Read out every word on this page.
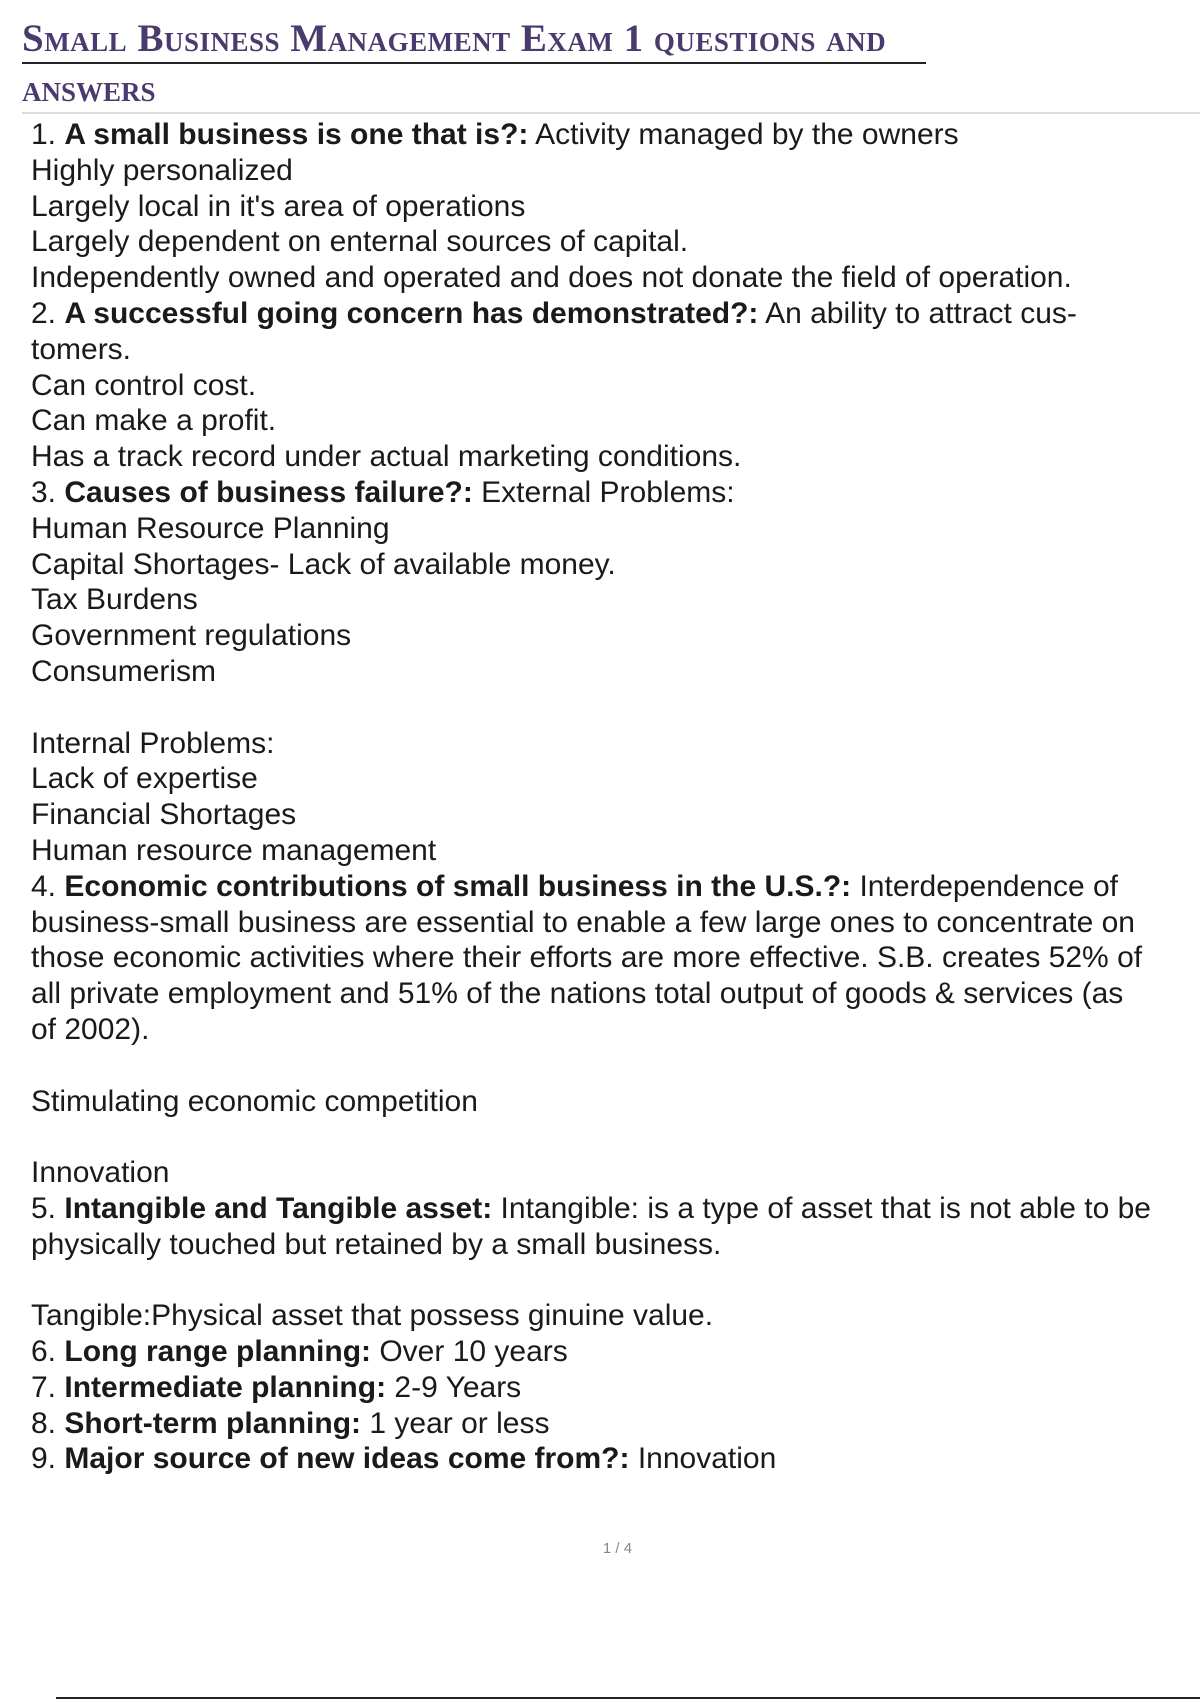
Small Business Management Exam 1 questions and
answers
1. A small business is one that is?: Activity managed by the owners
Highly personalized
Largely local in it's area of operations
Largely dependent on enternal sources of capital.
Independently owned and operated and does not donate the field of operation.
2. A successful going concern has demonstrated?: An ability to attract cus-
tomers.
Can control cost.
Can make a profit.
Has a track record under actual marketing conditions.
3. Causes of business failure?: External Problems:
Human Resource Planning
Capital Shortages- Lack of available money.
Tax Burdens
Government regulations
Consumerism
Internal Problems:
Lack of expertise
Financial Shortages
Human resource management
4. Economic contributions of small business in the U.S.?: Interdependence of
business-small business are essential to enable a few large ones to concentrate on
those economic activities where their efforts are more effective. S.B. creates 52% of
all private employment and 51% of the nations total output of goods & services (as
of 2002).
Stimulating economic competition
Innovation
5. Intangible and Tangible asset: Intangible: is a type of asset that is not able to be
physically touched but retained by a small business.
Tangible:Physical asset that possess ginuine value.
6. Long range planning: Over 10 years
7. Intermediate planning: 2-9 Years
8. Short-term planning: 1 year or less
9. Major source of new ideas come from?: Innovation
1 / 4
